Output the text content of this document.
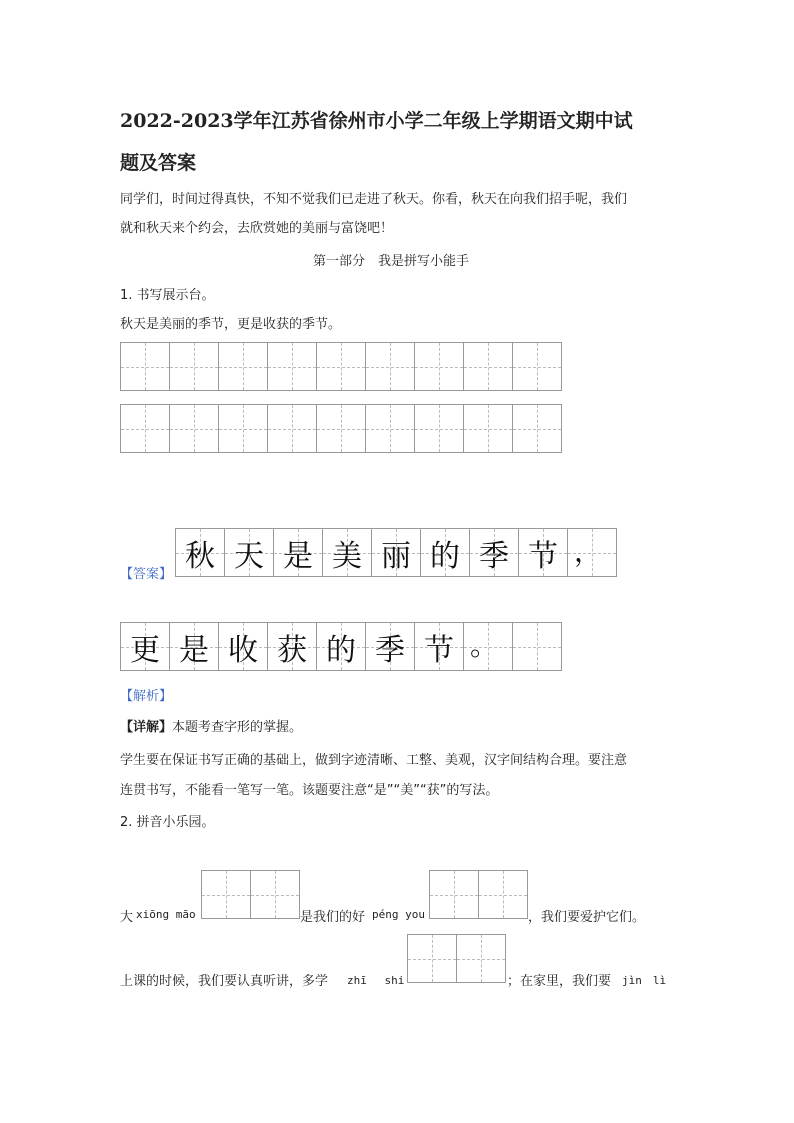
2022-2023学年江苏省徐州市小学二年级上学期语文期中试
题及答案
同学们，时间过得真快，不知不觉我们已走进了秋天。你看，秋天在向我们招手呢，我们
就和秋天来个约会，去欣赏她的美丽与富饶吧！
第一部分　我是拼写小能手
1. 书写展示台。
秋天是美丽的季节，更是收获的季节。
【答案】
秋 天 是 美 丽 的 季 节 ，
更 是 收 获 的 季 节 。
【解析】
【详解】本题考查字形的掌握。
学生要在保证书写正确的基础上，做到字迹清晰、工整、美观，汉字间结构合理。要注意
连贯书写，不能看一笔写一笔。该题要注意“是”“美”“获”的写法。
2. 拼音小乐园。
大 xiōng māo	是我们的好 péng you	，我们要爱护它们。
上课的时候，我们要认真听讲，多学 zhī　 shi	；在家里，我们要 jìn　lì
